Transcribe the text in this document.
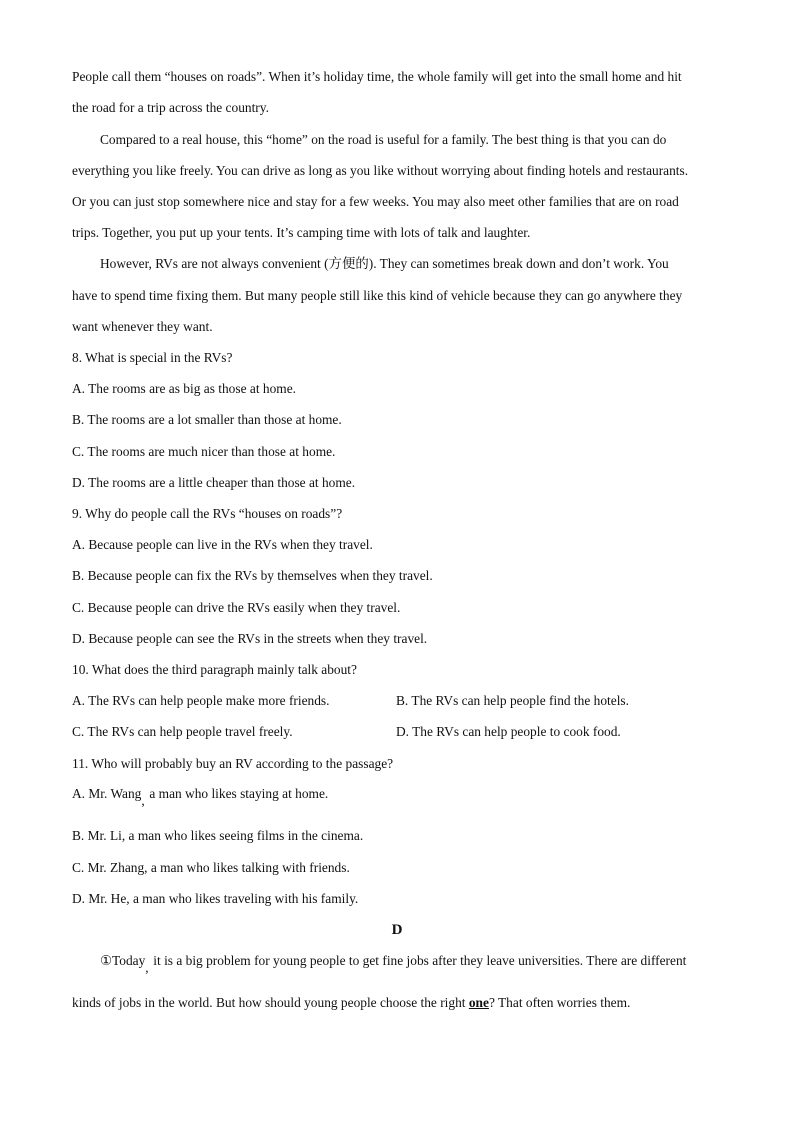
People call them “houses on roads”. When it’s holiday time, the whole family will get into the small home and hit
the road for a trip across the country.
Compared to a real house, this “home” on the road is useful for a family. The best thing is that you can do
everything you like freely. You can drive as long as you like without worrying about finding hotels and restaurants.
Or you can just stop somewhere nice and stay for a few weeks. You may also meet other families that are on road
trips. Together, you put up your tents. It’s camping time with lots of talk and laughter.
However, RVs are not always convenient (方便的). They can sometimes break down and don’t work. You
have to spend time fixing them. But many people still like this kind of vehicle because they can go anywhere they
want whenever they want.
8. What is special in the RVs?
A. The rooms are as big as those at home.
B. The rooms are a lot smaller than those at home.
C. The rooms are much nicer than those at home.
D. The rooms are a little cheaper than those at home.
9. Why do people call the RVs “houses on roads”?
A. Because people can live in the RVs when they travel.
B. Because people can fix the RVs by themselves when they travel.
C. Because people can drive the RVs easily when they travel.
D. Because people can see the RVs in the streets when they travel.
10. What does the third paragraph mainly talk about?
A. The RVs can help people make more friends.	B. The RVs can help people find the hotels.
C. The RVs can help people travel freely.	D. The RVs can help people to cook food.
11. Who will probably buy an RV according to the passage?
A. Mr. Wang, a man who likes staying at home.
B. Mr. Li, a man who likes seeing films in the cinema.
C. Mr. Zhang, a man who likes talking with friends.
D. Mr. He, a man who likes traveling with his family.
D
①Today, it is a big problem for young people to get fine jobs after they leave universities. There are different
kinds of jobs in the world. But how should young people choose the right one? That often worries them.
